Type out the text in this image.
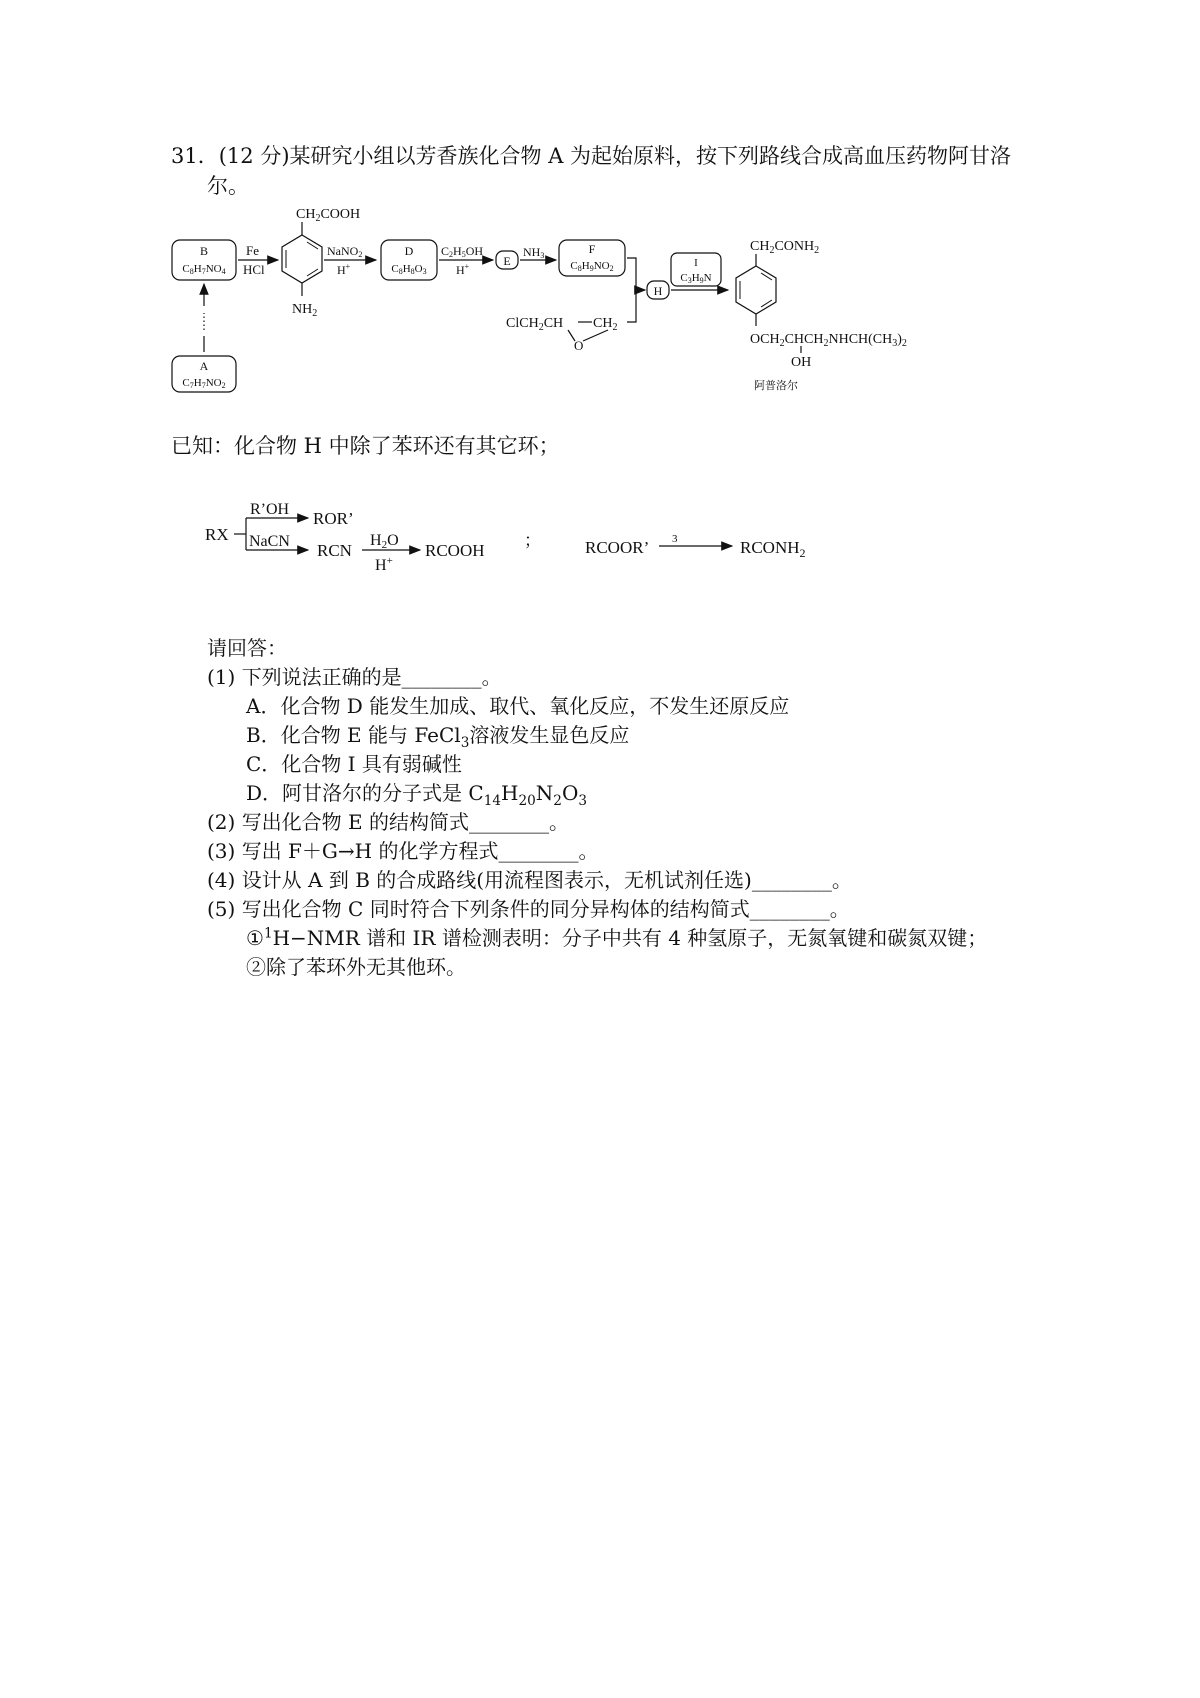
31．(12 分)某研究小组以芳香族化合物 A 为起始原料，按下列路线合成高血压药物阿甘洛
尔。
B
C8H7NO4
Fe
HCl
$CH_2COOH$
$NH_2$
NaNO2
H+
D
C8H8O3
C2H5OH
H+	E
NH3	F
C8H9NO2
ClCH$_2$CH $CH_2$
O
H
I
C3H9N
$CH_2CONH_2$
$OCH_2CHCH_2NHCH(CH_3)_2$
OH
阿普洛尔
A
C7H7NO2
已知：化合物 H 中除了苯环还有其它环；
RX
R’OH
NaCN
ROR’
RCN
H2O
H+
RCOOH
；	RCOOR’ 3	$RCONH_2$
请回答：
(1) 下列说法正确的是________。
A．化合物 D 能发生加成、取代、氧化反应，不发生还原反应
B．化合物 E 能与 FeCl$_3$溶液发生显色反应
C．化合物 I 具有弱碱性
D．阿甘洛尔的分子式是 $C_{14}H_{20}N_2O_3$
(2) 写出化合物 E 的结构简式________。
(3) 写出 F＋G→H 的化学方程式________。
(4) 设计从 A 到 B 的合成路线(用流程图表示，无机试剂任选)________。
(5) 写出化合物 C 同时符合下列条件的同分异构体的结构简式________。
①$^1$H−NMR 谱和 IR 谱检测表明：分子中共有 4 种氢原子，无氮氧键和碳氮双键；
②除了苯环外无其他环。
